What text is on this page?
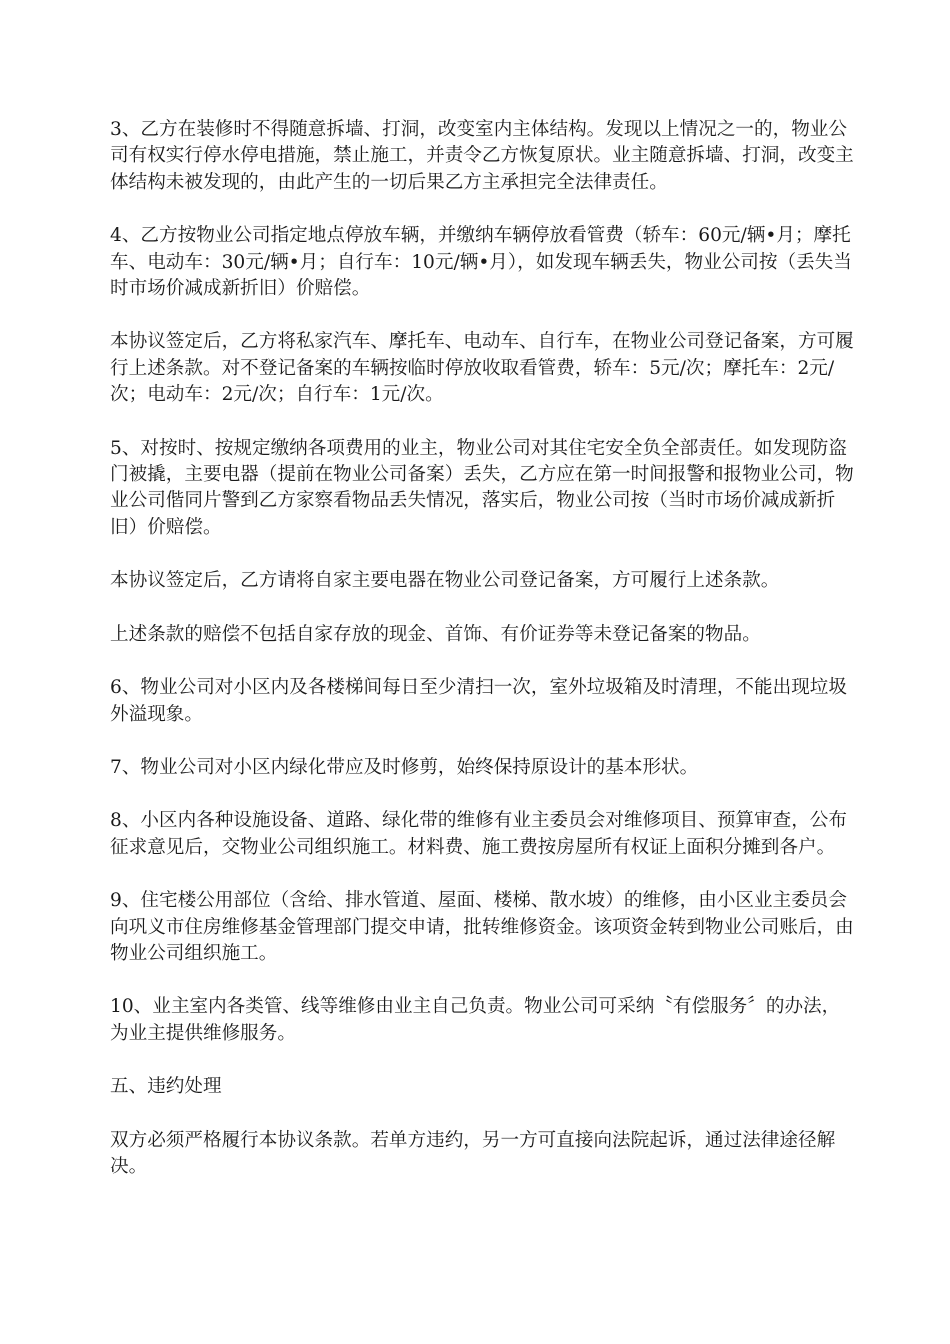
3、乙方在装修时不得随意拆墙、打洞，改变室内主体结构。发现以上情况之一的，物业公司有权实行停水停电措施，禁止施工，并责令乙方恢复原状。业主随意拆墙、打洞，改变主体结构未被发现的，由此产生的一切后果乙方主承担完全法律责任。

4、乙方按物业公司指定地点停放车辆，并缴纳车辆停放看管费（轿车：60元/辆•月；摩托车、电动车：30元/辆•月；自行车：10元/辆•月），如发现车辆丢失，物业公司按（丢失当时市场价减成新折旧）价赔偿。

本协议签定后，乙方将私家汽车、摩托车、电动车、自行车，在物业公司登记备案，方可履行上述条款。对不登记备案的车辆按临时停放收取看管费，轿车：5元/次；摩托车：2元/次；电动车：2元/次；自行车：1元/次。

5、对按时、按规定缴纳各项费用的业主，物业公司对其住宅安全负全部责任。如发现防盗门被撬，主要电器（提前在物业公司备案）丢失，乙方应在第一时间报警和报物业公司，物业公司偕同片警到乙方家察看物品丢失情况，落实后，物业公司按（当时市场价减成新折旧）价赔偿。

本协议签定后，乙方请将自家主要电器在物业公司登记备案，方可履行上述条款。

上述条款的赔偿不包括自家存放的现金、首饰、有价证券等未登记备案的物品。

6、物业公司对小区内及各楼梯间每日至少清扫一次，室外垃圾箱及时清理，不能出现垃圾外溢现象。

7、物业公司对小区内绿化带应及时修剪，始终保持原设计的基本形状。

8、小区内各种设施设备、道路、绿化带的维修有业主委员会对维修项目、预算审查，公布征求意见后，交物业公司组织施工。材料费、施工费按房屋所有权证上面积分摊到各户。

9、住宅楼公用部位（含给、排水管道、屋面、楼梯、散水坡）的维修，由小区业主委员会向巩义市住房维修基金管理部门提交申请，批转维修资金。该项资金转到物业公司账后，由物业公司组织施工。

10、业主室内各类管、线等维修由业主自己负责。物业公司可采纳〝有偿服务〞的办法，为业主提供维修服务。

五、违约处理

双方必须严格履行本协议条款。若单方违约，另一方可直接向法院起诉，通过法律途径解决。
